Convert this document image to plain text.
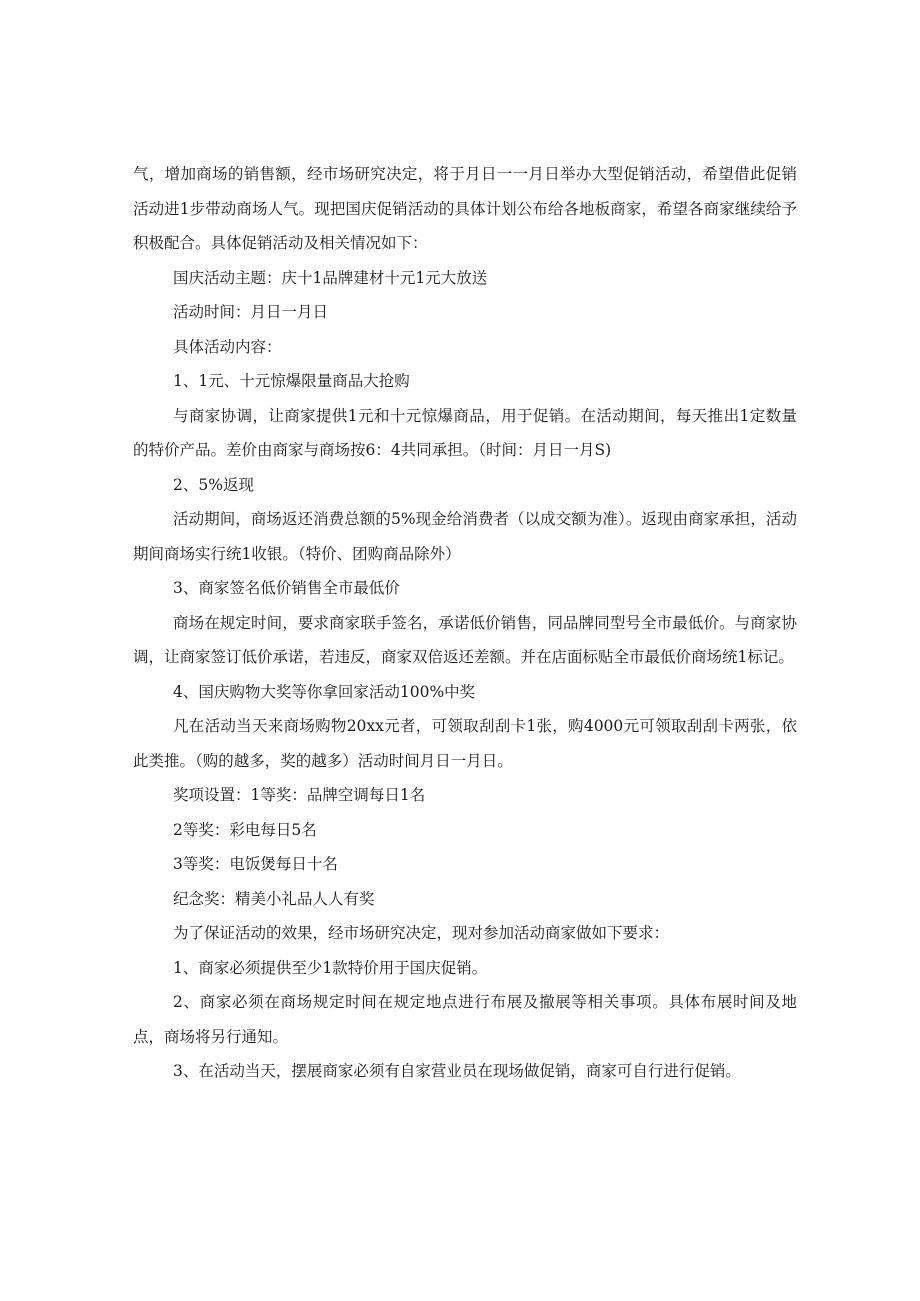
气，增加商场的销售额，经市场研究决定，将于月日一一月日举办大型促销活动，希望借此促销活动进1步带动商场人气。现把国庆促销活动的具体计划公布给各地板商家，希望各商家继续给予积极配合。具体促销活动及相关情况如下：

国庆活动主题：庆十1品牌建材十元1元大放送

活动时间：月日一月日

具体活动内容：

1、1元、十元惊爆限量商品大抢购

与商家协调，让商家提供1元和十元惊爆商品，用于促销。在活动期间，每天推出1定数量的特价产品。差价由商家与商场按6：4共同承担。（时间：月日一月S)

2、5%返现

活动期间，商场返还消费总额的5%现金给消费者（以成交额为准）。返现由商家承担，活动期间商场实行统1收银。（特价、团购商品除外）

3、商家签名低价销售全市最低价

商场在规定时间，要求商家联手签名，承诺低价销售，同品牌同型号全市最低价。与商家协调，让商家签订低价承诺，若违反，商家双倍返还差额。并在店面标贴全市最低价商场统1标记。

4、国庆购物大奖等你拿回家活动100%中奖

凡在活动当天来商场购物20xx元者，可领取刮刮卡1张，购4000元可领取刮刮卡两张，依此类推。（购的越多，奖的越多）活动时间月日一月日。

奖项设置：1等奖：品牌空调每日1名

2等奖：彩电每日5名

3等奖：电饭煲每日十名

纪念奖：精美小礼品人人有奖

为了保证活动的效果，经市场研究决定，现对参加活动商家做如下要求：

1、商家必须提供至少1款特价用于国庆促销。

2、商家必须在商场规定时间在规定地点进行布展及撤展等相关事项。具体布展时间及地点，商场将另行通知。

3、在活动当天，摆展商家必须有自家营业员在现场做促销，商家可自行进行促销。
